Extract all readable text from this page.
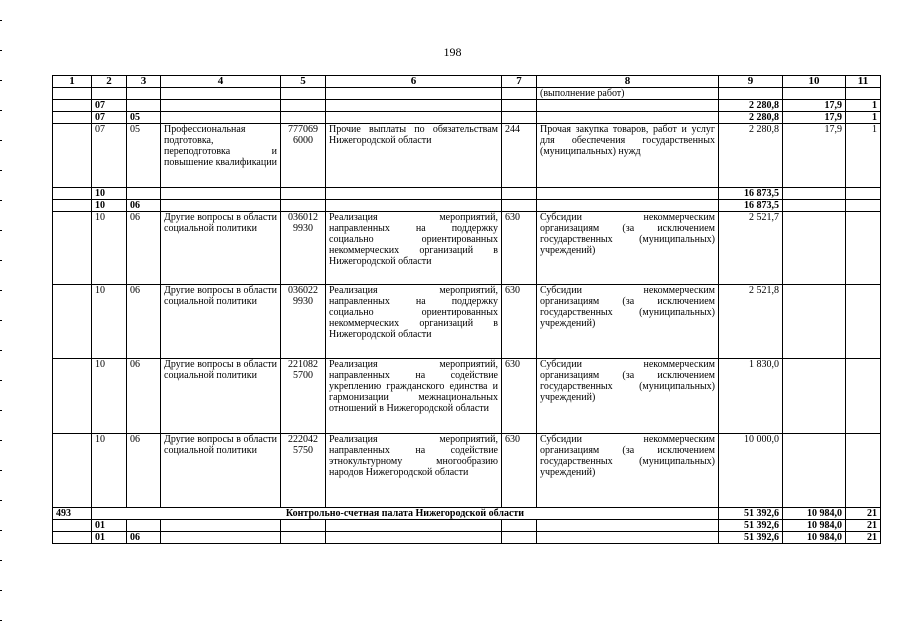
198
1	2	3	4	5	6	7	8	9	10	11
							(выполнение работ)			
	07							2 280,8	17,9	1
	07	05						2 280,8	17,9	1
	07	05	Профессиональная подготовка, переподготовка и повышение квалификации	777069 6000	Прочие выплаты по обязательствам Нижегородской области	244	Прочая закупка товаров, работ и услуг для обеспечения государственных (муниципальных) нужд	2 280,8	17,9	1
	10							16 873,5		
	10	06						16 873,5		
	10	06	Другие вопросы в области социальной политики	036012 9930	Реализация мероприятий, направленных на поддержку социально ориентированных некоммерческих организаций в Нижегородской области	630	Субсидии некоммерческим организациям (за исключением государственных (муниципальных) учреждений)	2 521,7		
	10	06	Другие вопросы в области социальной политики	036022 9930	Реализация мероприятий, направленных на поддержку социально ориентированных некоммерческих организаций в Нижегородской области	630	Субсидии некоммерческим организациям (за исключением государственных (муниципальных) учреждений)	2 521,8		
	10	06	Другие вопросы в области социальной политики	221082 5700	Реализация мероприятий, направленных на содействие укреплению гражданского единства и гармонизации межнациональных отношений в Нижегородской области	630	Субсидии некоммерческим организациям (за исключением государственных (муниципальных) учреждений)	1 830,0		
	10	06	Другие вопросы в области социальной политики	222042 5750	Реализация мероприятий, направленных на содействие этнокультурному многообразию народов Нижегородской области	630	Субсидии некоммерческим организациям (за исключением государственных (муниципальных) учреждений)	10 000,0		
493	Контрольно-счетная палата Нижегородской области							51 392,6	10 984,0	21
	01							51 392,6	10 984,0	21
	01	06						51 392,6	10 984,0	21
